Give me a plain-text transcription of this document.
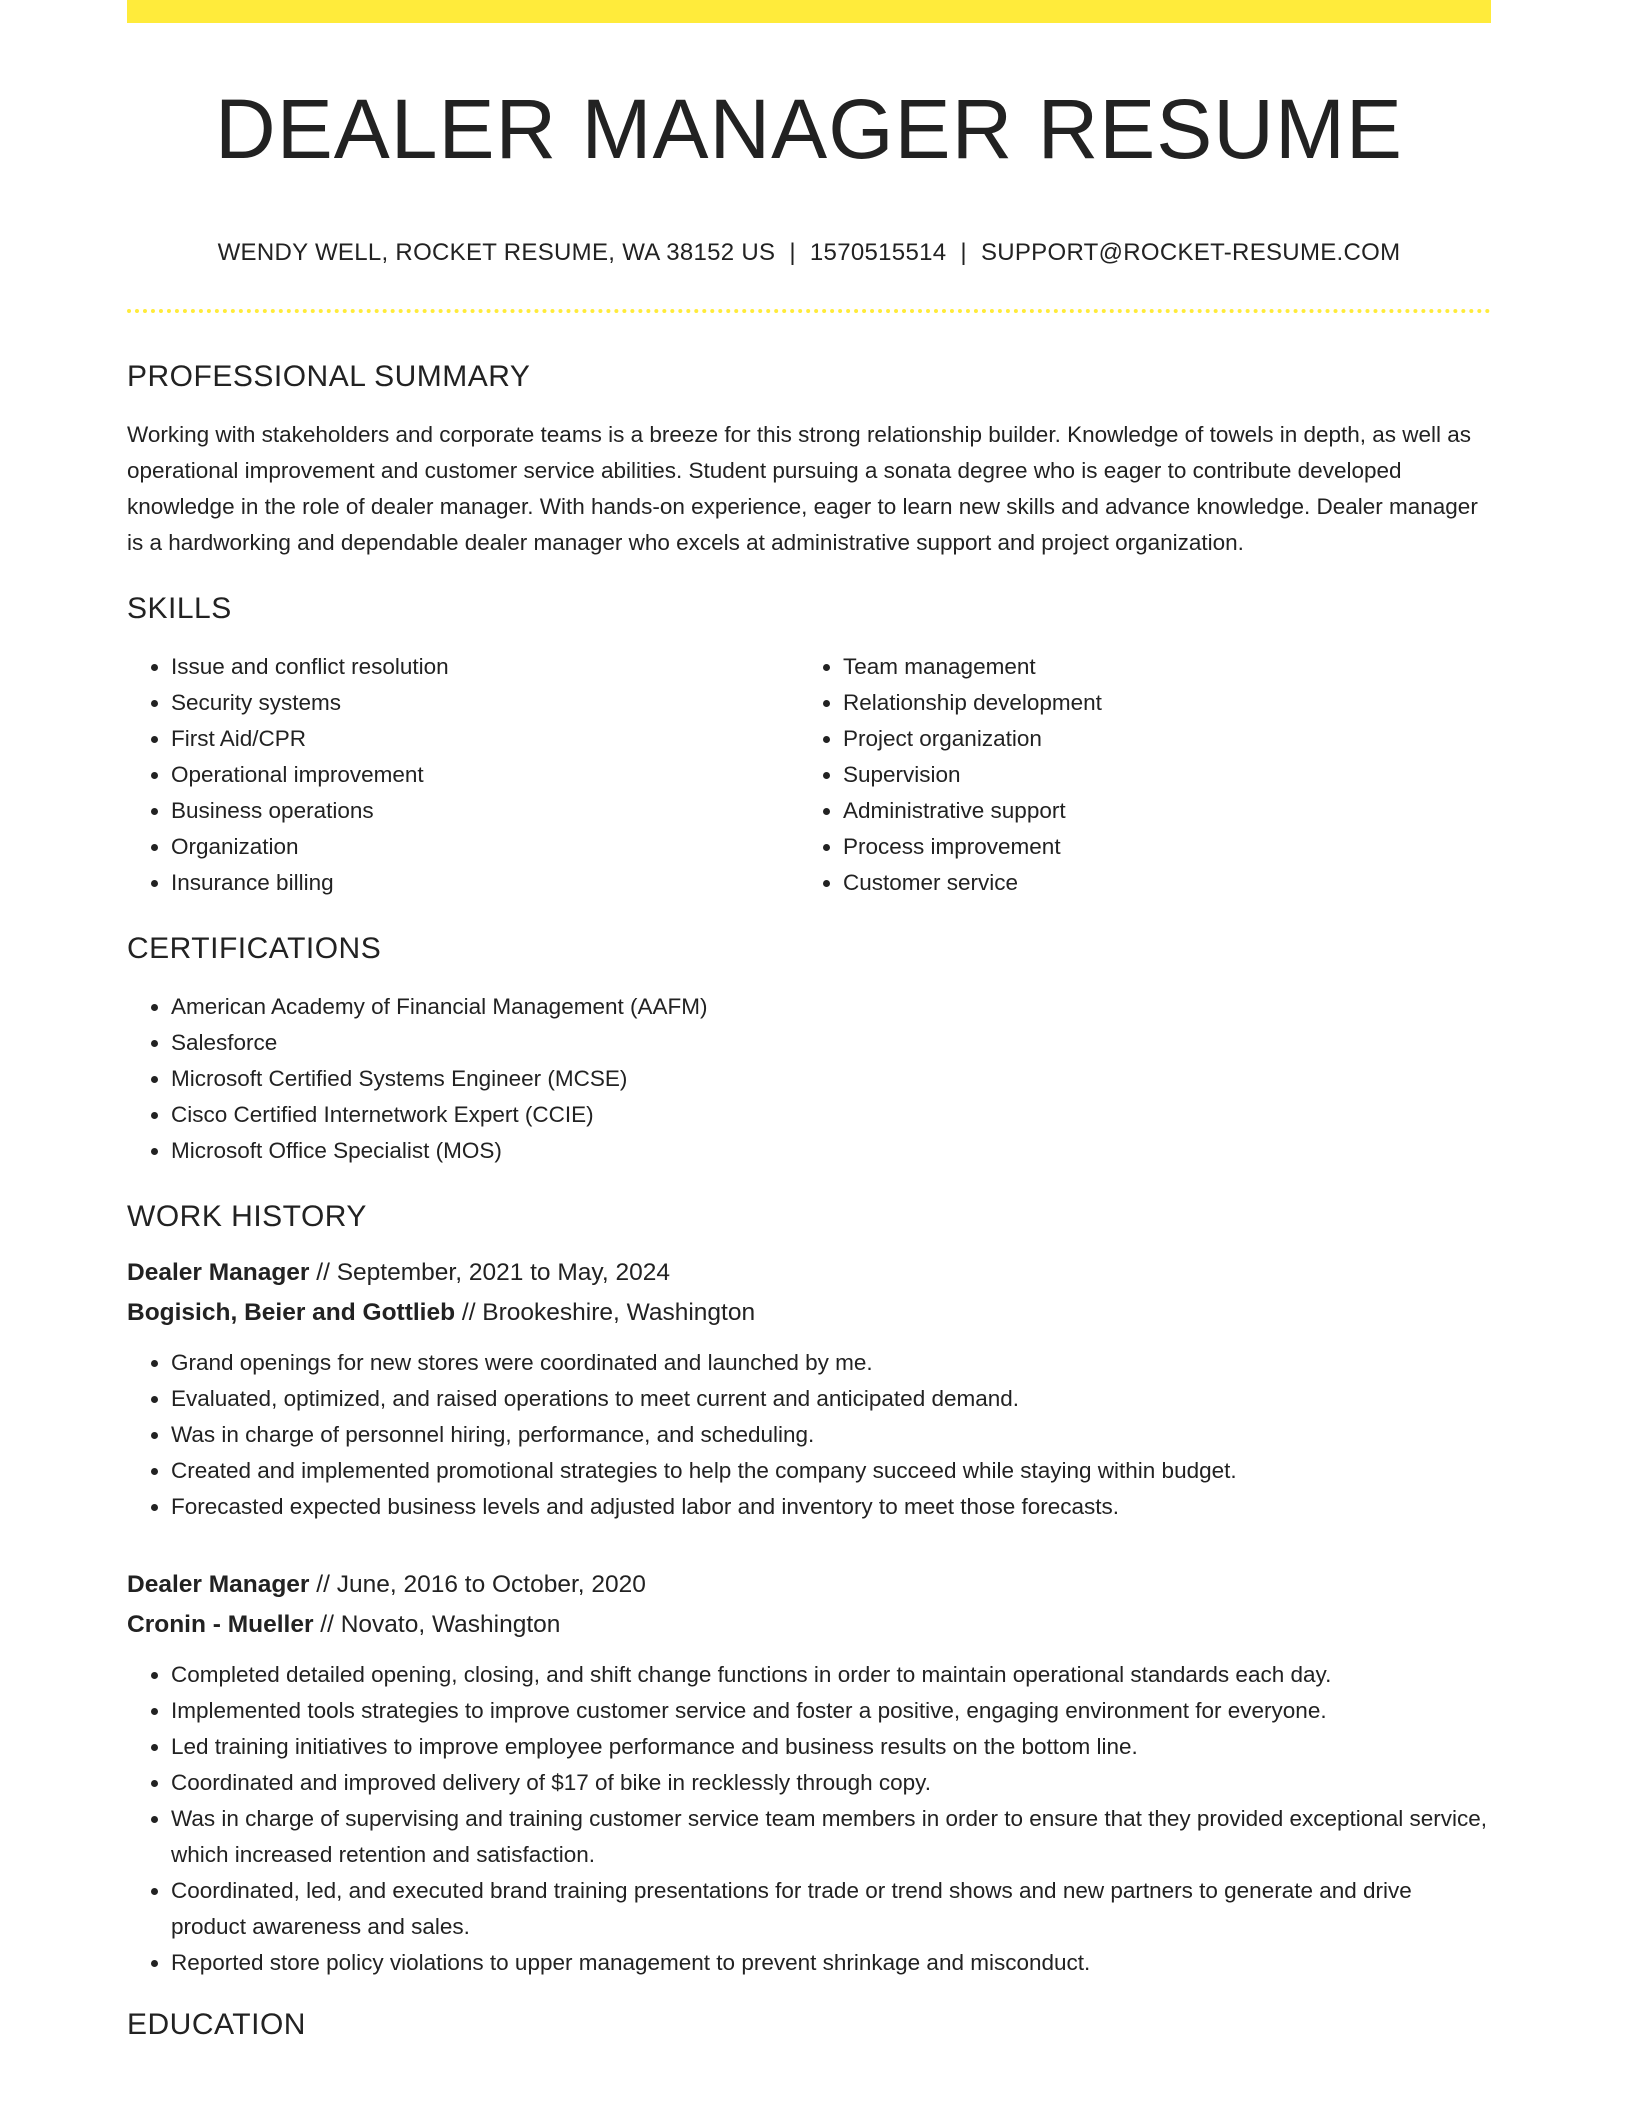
DEALER MANAGER RESUME
WENDY WELL, ROCKET RESUME, WA 38152 US | 1570515514 | SUPPORT@ROCKET-RESUME.COM
PROFESSIONAL SUMMARY
Working with stakeholders and corporate teams is a breeze for this strong relationship builder. Knowledge of towels in depth, as well as operational improvement and customer service abilities. Student pursuing a sonata degree who is eager to contribute developed knowledge in the role of dealer manager. With hands-on experience, eager to learn new skills and advance knowledge. Dealer manager is a hardworking and dependable dealer manager who excels at administrative support and project organization.
SKILLS
• Issue and conflict resolution
• Security systems
• First Aid/CPR
• Operational improvement
• Business operations
• Organization
• Insurance billing
• Team management
• Relationship development
• Project organization
• Supervision
• Administrative support
• Process improvement
• Customer service
CERTIFICATIONS
• American Academy of Financial Management (AAFM)
• Salesforce
• Microsoft Certified Systems Engineer (MCSE)
• Cisco Certified Internetwork Expert (CCIE)
• Microsoft Office Specialist (MOS)
WORK HISTORY
Dealer Manager // September, 2021 to May, 2024
Bogisich, Beier and Gottlieb // Brookeshire, Washington
• Grand openings for new stores were coordinated and launched by me.
• Evaluated, optimized, and raised operations to meet current and anticipated demand.
• Was in charge of personnel hiring, performance, and scheduling.
• Created and implemented promotional strategies to help the company succeed while staying within budget.
• Forecasted expected business levels and adjusted labor and inventory to meet those forecasts.
Dealer Manager // June, 2016 to October, 2020
Cronin - Mueller // Novato, Washington
• Completed detailed opening, closing, and shift change functions in order to maintain operational standards each day.
• Implemented tools strategies to improve customer service and foster a positive, engaging environment for everyone.
• Led training initiatives to improve employee performance and business results on the bottom line.
• Coordinated and improved delivery of $17 of bike in recklessly through copy.
• Was in charge of supervising and training customer service team members in order to ensure that they provided exceptional service, which increased retention and satisfaction.
• Coordinated, led, and executed brand training presentations for trade or trend shows and new partners to generate and drive product awareness and sales.
• Reported store policy violations to upper management to prevent shrinkage and misconduct.
EDUCATION
